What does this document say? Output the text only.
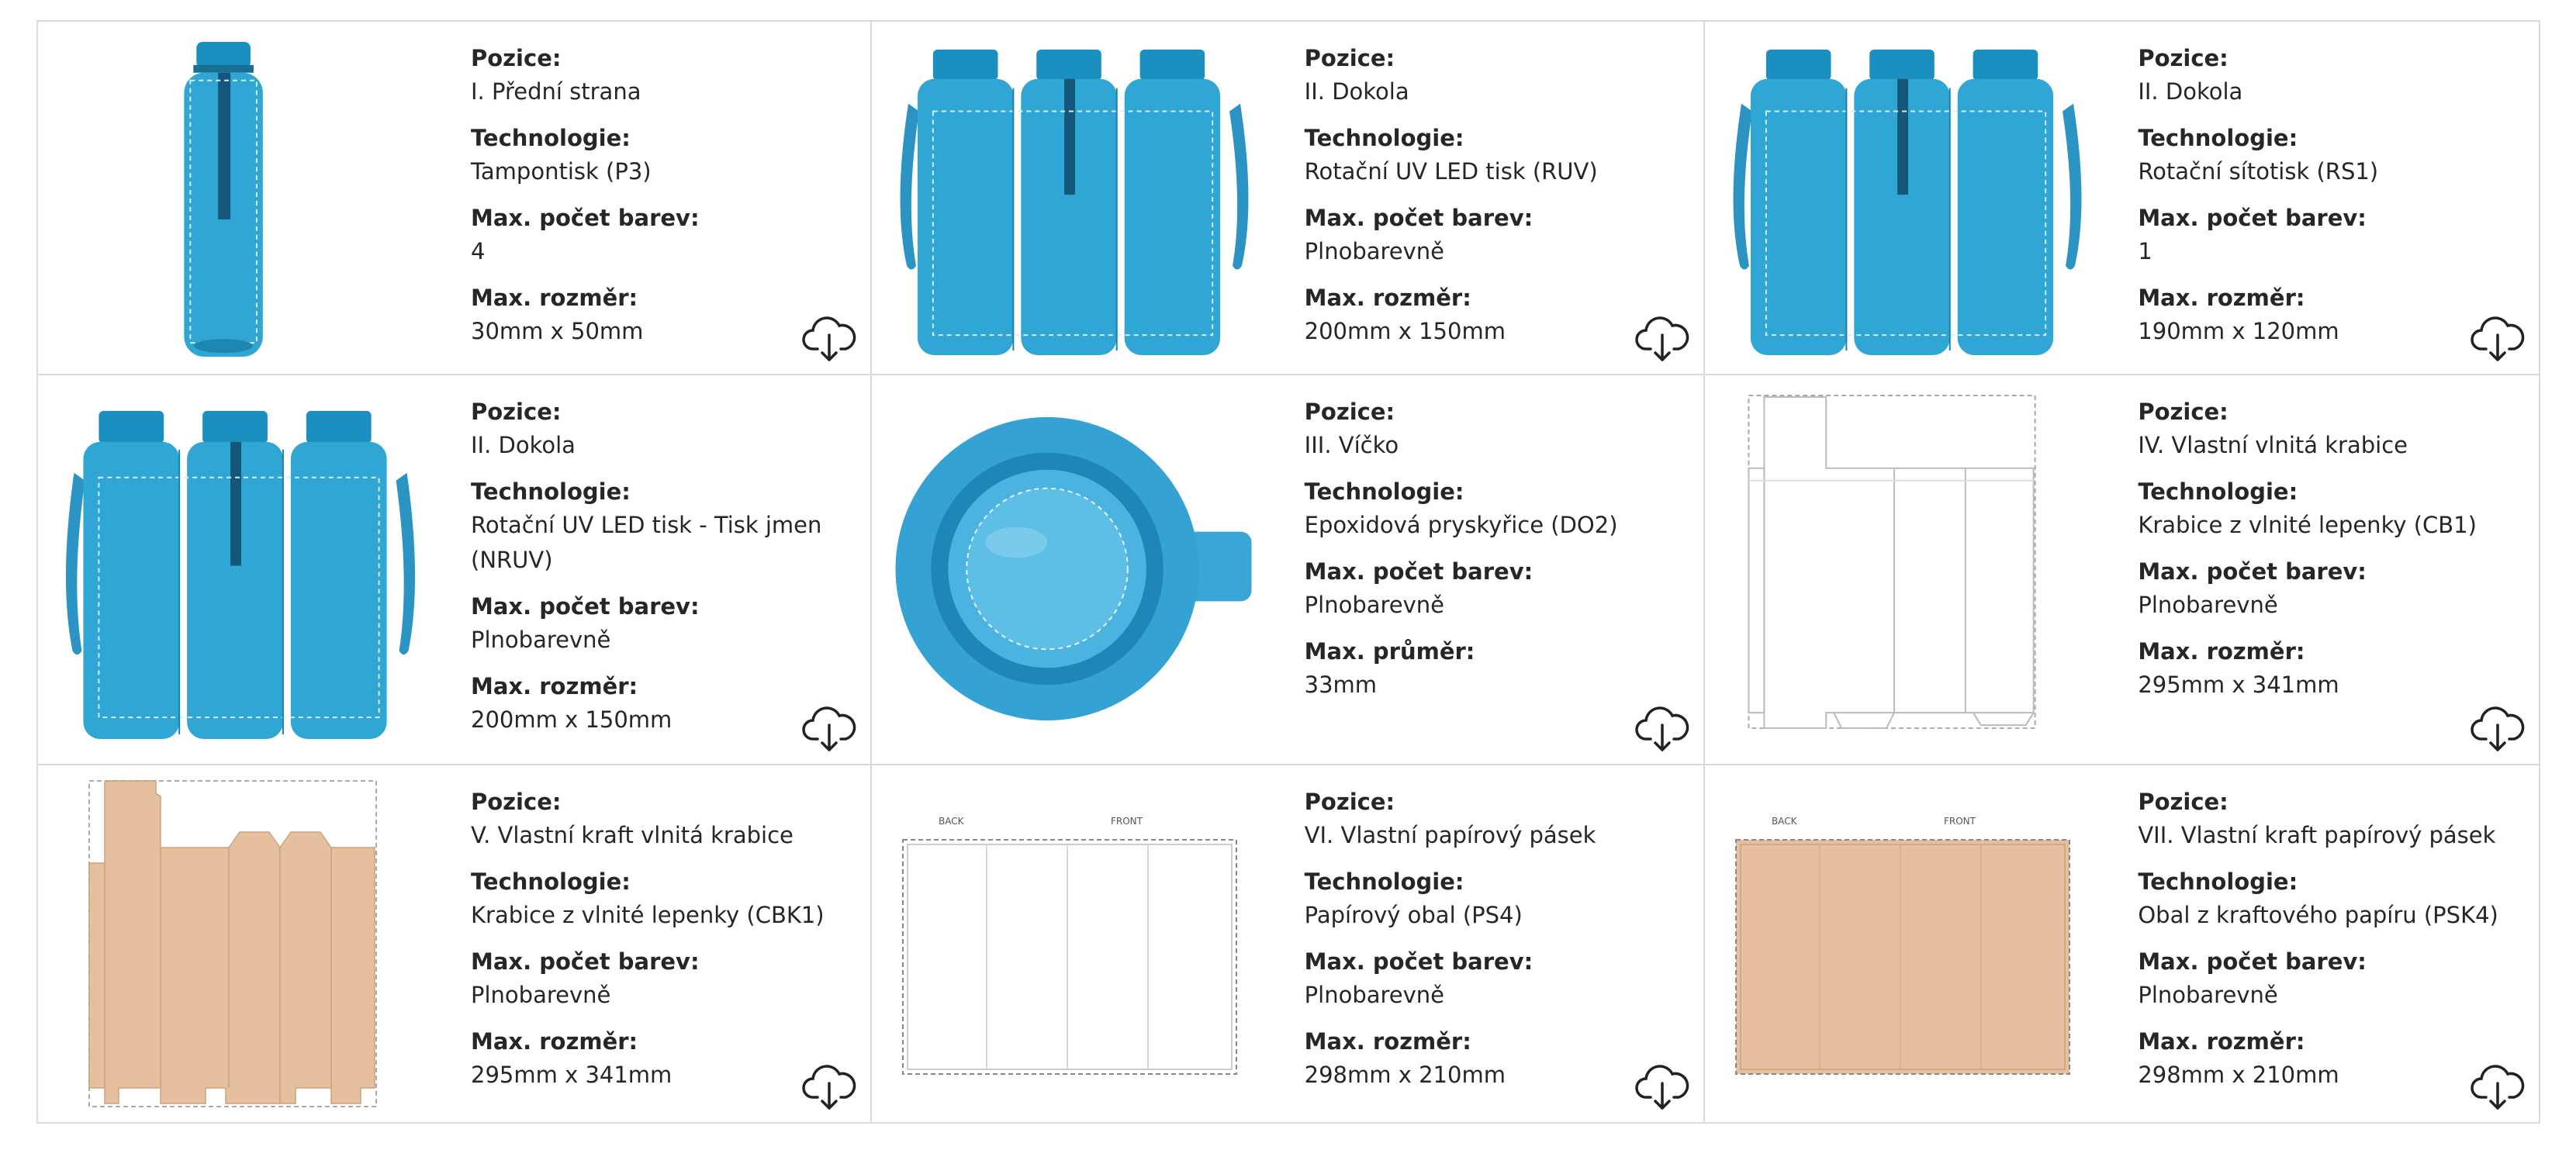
Pozice:
I. Přední strana
Technologie:
Tampontisk (P3)
Max. počet barev:
4
Max. rozměr:
30mm x 50mm
Pozice:
II. Dokola
Technologie:
Rotační UV LED tisk (RUV)
Max. počet barev:
Plnobarevně
Max. rozměr:
200mm x 150mm
Pozice:
II. Dokola
Technologie:
Rotační sítotisk (RS1)
Max. počet barev:
1
Max. rozměr:
190mm x 120mm
Pozice:
II. Dokola
Technologie:
Rotační UV LED tisk - Tisk jmen (NRUV)
Max. počet barev:
Plnobarevně
Max. rozměr:
200mm x 150mm
Pozice:
III. Víčko
Technologie:
Epoxidová pryskyřice (DO2)
Max. počet barev:
Plnobarevně
Max. průměr:
33mm
Pozice:
IV. Vlastní vlnitá krabice
Technologie:
Krabice z vlnité lepenky (CB1)
Max. počet barev:
Plnobarevně
Max. rozměr:
295mm x 341mm
Pozice:
V. Vlastní kraft vlnitá krabice
Technologie:
Krabice z vlnité lepenky (CBK1)
Max. počet barev:
Plnobarevně
Max. rozměr:
295mm x 341mm
BACK	FRONT
Pozice:
VI. Vlastní papírový pásek
Technologie:
Papírový obal (PS4)
Max. počet barev:
Plnobarevně
Max. rozměr:
298mm x 210mm
BACK	FRONT
Pozice:
VII. Vlastní kraft papírový pásek
Technologie:
Obal z kraftového papíru (PSK4)
Max. počet barev:
Plnobarevně
Max. rozměr:
298mm x 210mm
